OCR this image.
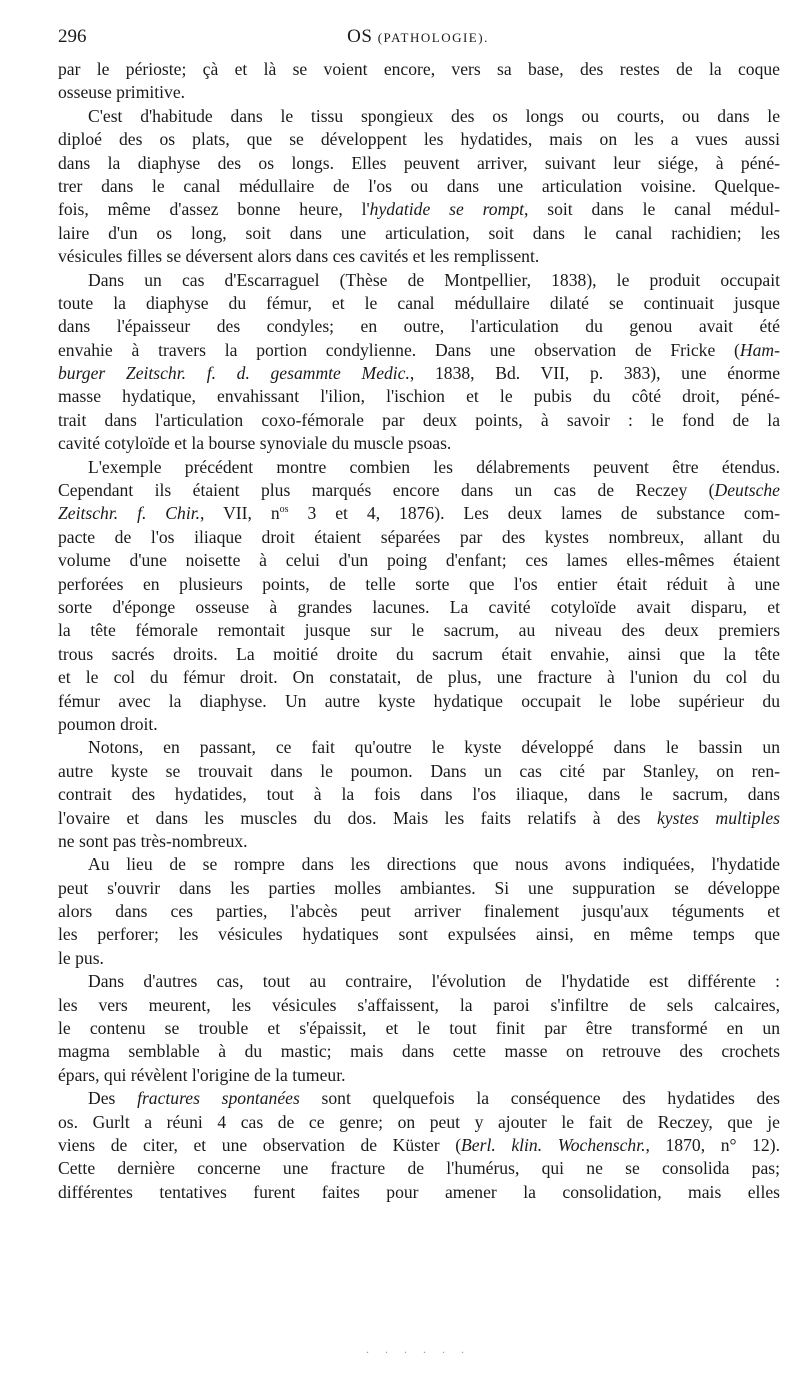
296	OS (PATHOLOGIE).
par le périoste; çà et là se voient encore, vers sa base, des restes de la coque
osseuse primitive.
C'est d'habitude dans le tissu spongieux des os longs ou courts, ou dans le
diploé des os plats, que se développent les hydatides, mais on les a vues aussi
dans la diaphyse des os longs. Elles peuvent arriver, suivant leur siége, à péné-
trer dans le canal médullaire de l'os ou dans une articulation voisine. Quelque-
fois, même d'assez bonne heure, l'hydatide se rompt, soit dans le canal médul-
laire d'un os long, soit dans une articulation, soit dans le canal rachidien; les
vésicules filles se déversent alors dans ces cavités et les remplissent.
Dans un cas d'Escarraguel (Thèse de Montpellier, 1838), le produit occupait
toute la diaphyse du fémur, et le canal médullaire dilaté se continuait jusque
dans l'épaisseur des condyles; en outre, l'articulation du genou avait été
envahie à travers la portion condylienne. Dans une observation de Fricke (Ham-
burger Zeitschr. f. d. gesammte Medic., 1838, Bd. VII, p. 383), une énorme
masse hydatique, envahissant l'ilion, l'ischion et le pubis du côté droit, péné-
trait dans l'articulation coxo-fémorale par deux points, à savoir : le fond de la
cavité cotyloïde et la bourse synoviale du muscle psoas.
L'exemple précédent montre combien les délabrements peuvent être étendus.
Cependant ils étaient plus marqués encore dans un cas de Reczey (Deutsche
Zeitschr. f. Chir., VII, $n^{os}$ 3 et 4, 1876). Les deux lames de substance com-
pacte de l'os iliaque droit étaient séparées par des kystes nombreux, allant du
volume d'une noisette à celui d'un poing d'enfant; ces lames elles-mêmes étaient
perforées en plusieurs points, de telle sorte que l'os entier était réduit à une
sorte d'éponge osseuse à grandes lacunes. La cavité cotyloïde avait disparu, et
la tête fémorale remontait jusque sur le sacrum, au niveau des deux premiers
trous sacrés droits. La moitié droite du sacrum était envahie, ainsi que la tête
et le col du fémur droit. On constatait, de plus, une fracture à l'union du col du
fémur avec la diaphyse. Un autre kyste hydatique occupait le lobe supérieur du
poumon droit.
Notons, en passant, ce fait qu'outre le kyste développé dans le bassin un
autre kyste se trouvait dans le poumon. Dans un cas cité par Stanley, on ren-
contrait des hydatides, tout à la fois dans l'os iliaque, dans le sacrum, dans
l'ovaire et dans les muscles du dos. Mais les faits relatifs à des kystes multiples
ne sont pas très-nombreux.
Au lieu de se rompre dans les directions que nous avons indiquées, l'hydatide
peut s'ouvrir dans les parties molles ambiantes. Si une suppuration se développe
alors dans ces parties, l'abcès peut arriver finalement jusqu'aux téguments et
les perforer; les vésicules hydatiques sont expulsées ainsi, en même temps que
le pus.
Dans d'autres cas, tout au contraire, l'évolution de l'hydatide est différente :
les vers meurent, les vésicules s'affaissent, la paroi s'infiltre de sels calcaires,
le contenu se trouble et s'épaissit, et le tout finit par être transformé en un
magma semblable à du mastic; mais dans cette masse on retrouve des crochets
épars, qui révèlent l'origine de la tumeur.
Des fractures spontanées sont quelquefois la conséquence des hydatides des
os. Gurlt a réuni 4 cas de ce genre; on peut y ajouter le fait de Reczey, que je
viens de citer, et une observation de Küster (Berl. klin. Wochenschr., 1870, n° 12).
Cette dernière concerne une fracture de l'humérus, qui ne se consolida pas;
différentes tentatives furent faites pour amener la consolidation, mais elles
· · · · · ·
